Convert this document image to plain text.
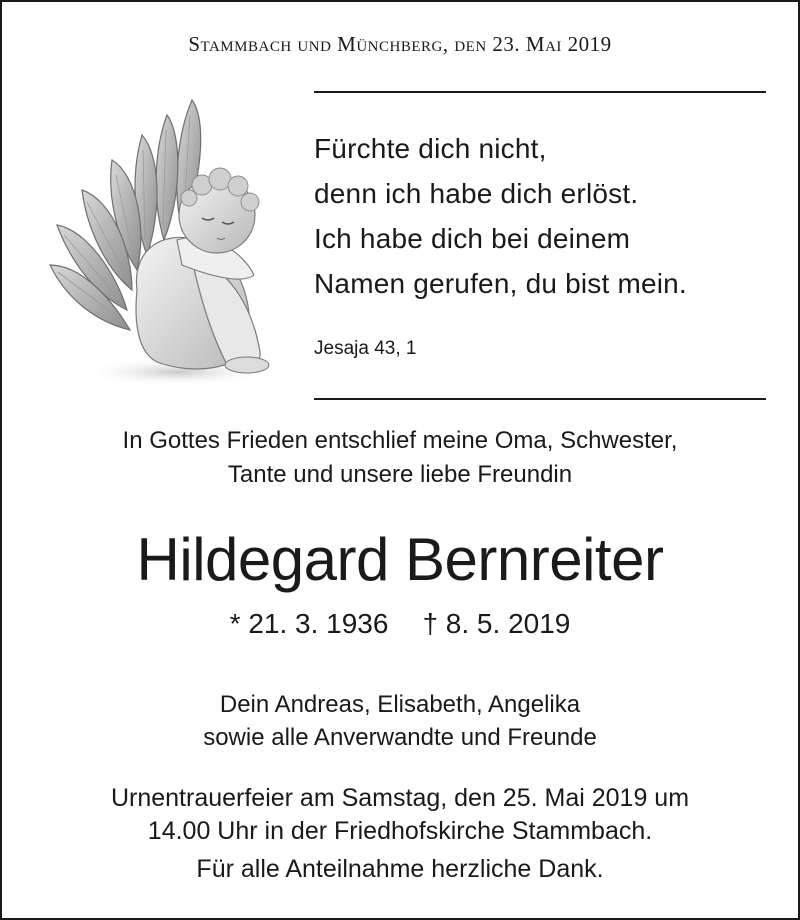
Stammbach und Münchberg, den 23. Mai 2019
Fürchte dich nicht,
denn ich habe dich erlöst.
Ich habe dich bei deinem
Namen gerufen, du bist mein.
Jesaja 43, 1
In Gottes Frieden entschlief meine Oma, Schwester,
Tante und unsere liebe Freundin
Hildegard Bernreiter
* 21. 3. 1936 † 8. 5. 2019
Dein Andreas, Elisabeth, Angelika
sowie alle Anverwandte und Freunde
Urnentrauerfeier am Samstag, den 25. Mai 2019 um
14.00 Uhr in der Friedhofskirche Stammbach.
Für alle Anteilnahme herzliche Dank.
